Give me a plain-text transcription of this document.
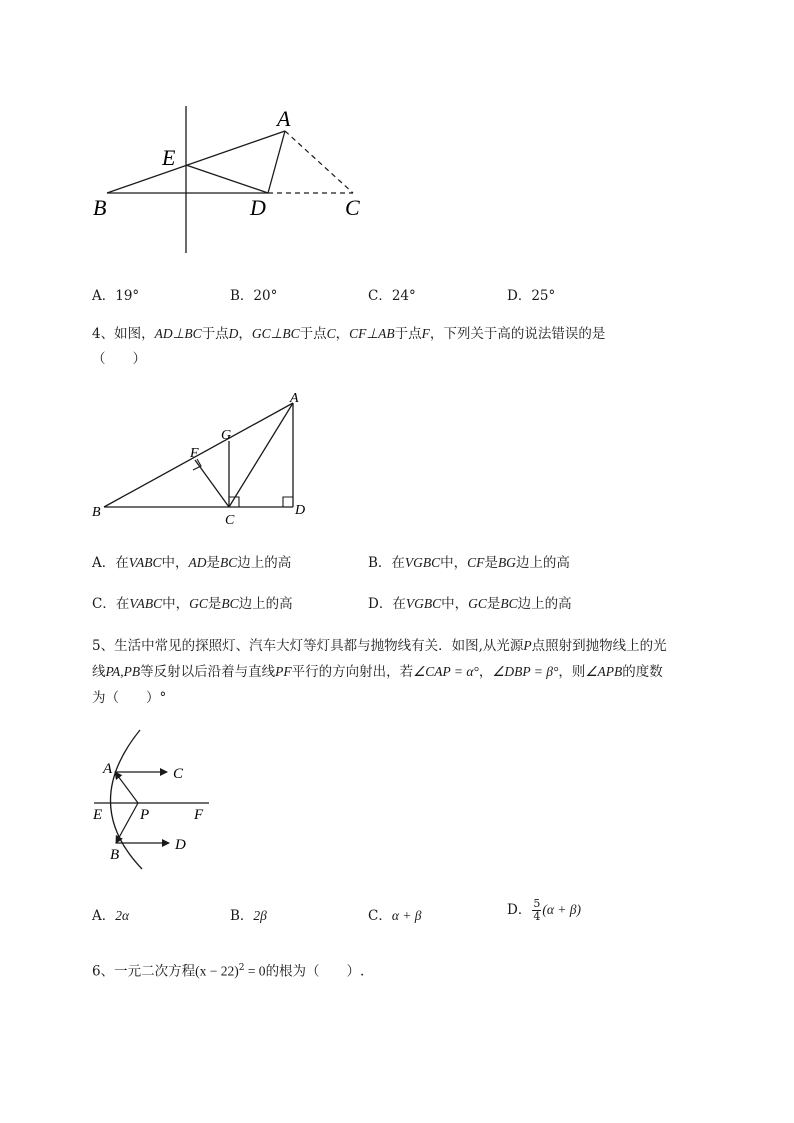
A
E
B	D	C
A．19°	B．20°	C．24°	D．25°
4、如图，AD⊥BC于点D，GC⊥BC于点C，CF⊥AB于点F，下列关于高的说法错误的是
（　　）
A
G
F
B
C
D
A．在VABC中，AD是BC边上的高	B．在VGBC中，CF是BG边上的高
C．在VABC中，GC是BC边上的高	D．在VGBC中，GC是BC边上的高
5、生活中常见的探照灯、汽车大灯等灯具都与抛物线有关．如图,从光源P点照射到抛物线上的光
线PA,PB等反射以后沿着与直线PF平行的方向射出，若∠CAP = α°，∠DBP = β°，则∠APB的度数
为（　　）°
A	C
E	P	F
D
B
A．2α	B．2β	C．α + β	D． $\frac{5}{4} (\alpha + \beta)$
6、一元二次方程$(x - 22)^2 = 0$的根为（　　）.
